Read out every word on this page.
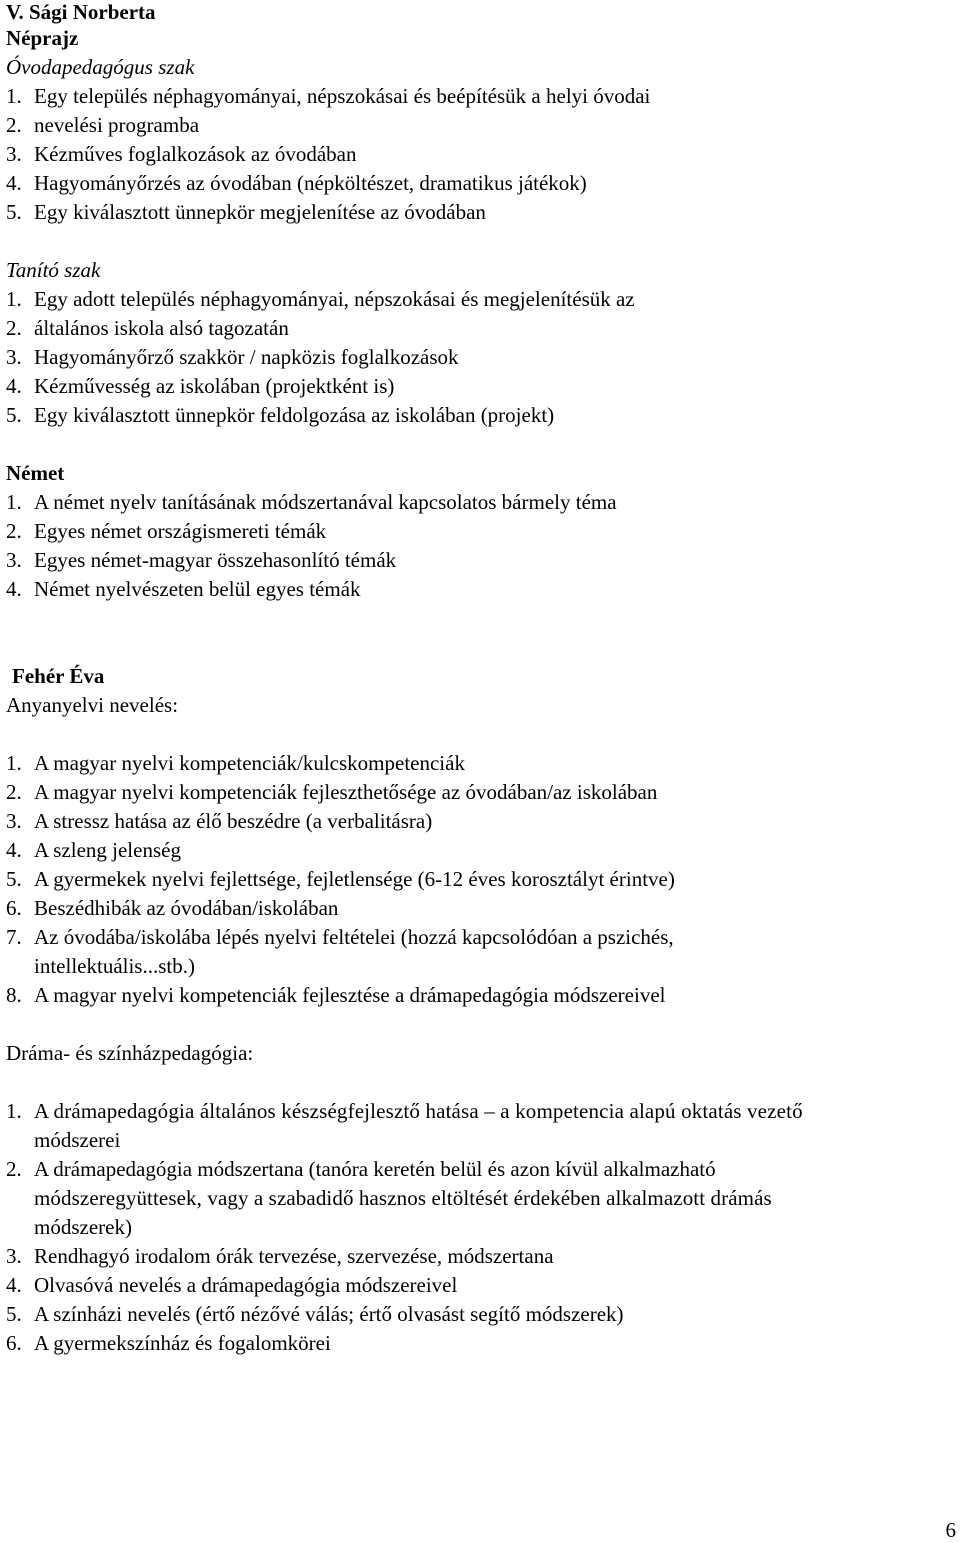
V. Sági Norberta
Néprajz
Óvodapedagógus szak
1. Egy település néphagyományai, népszokásai és beépítésük a helyi óvodai
2. nevelési programba
3. Kézműves foglalkozások az óvodában
4. Hagyományőrzés az óvodában (népköltészet, dramatikus játékok)
5. Egy kiválasztott ünnepkör megjelenítése az óvodában
Tanító szak
1. Egy adott település néphagyományai, népszokásai és megjelenítésük az
2. általános iskola alsó tagozatán
3. Hagyományőrző szakkör / napközis foglalkozások
4. Kézművesség az iskolában (projektként is)
5. Egy kiválasztott ünnepkör feldolgozása az iskolában (projekt)
Német
1. A német nyelv tanításának módszertanával kapcsolatos bármely téma
2. Egyes német országismereti témák
3. Egyes német-magyar összehasonlító témák
4. Német nyelvészeten belül egyes témák
Fehér Éva
Anyanyelvi nevelés:
1. A magyar nyelvi kompetenciák/kulcskompetenciák
2. A magyar nyelvi kompetenciák fejleszthetősége az óvodában/az iskolában
3. A stressz hatása az élő beszédre (a verbalitásra)
4. A szleng jelenség
5. A gyermekek nyelvi fejlettsége, fejletlensége (6-12 éves korosztályt érintve)
6. Beszédhibák az óvodában/iskolában
7. Az óvodába/iskolába lépés nyelvi feltételei (hozzá kapcsolódóan a pszichés,
intellektuális...stb.)
8. A magyar nyelvi kompetenciák fejlesztése a drámapedagógia módszereivel
Dráma- és színházpedagógia:
1. A drámapedagógia általános készségfejlesztő hatása – a kompetencia alapú oktatás vezető
módszerei
2. A drámapedagógia módszertana (tanóra keretén belül és azon kívül alkalmazható
módszeregyüttesek, vagy a szabadidő hasznos eltöltését érdekében alkalmazott drámás
módszerek)
3. Rendhagyó irodalom órák tervezése, szervezése, módszertana
4. Olvasóvá nevelés a drámapedagógia módszereivel
5. A színházi nevelés (értő nézővé válás; értő olvasást segítő módszerek)
6. A gyermekszínház és fogalomkörei
6
